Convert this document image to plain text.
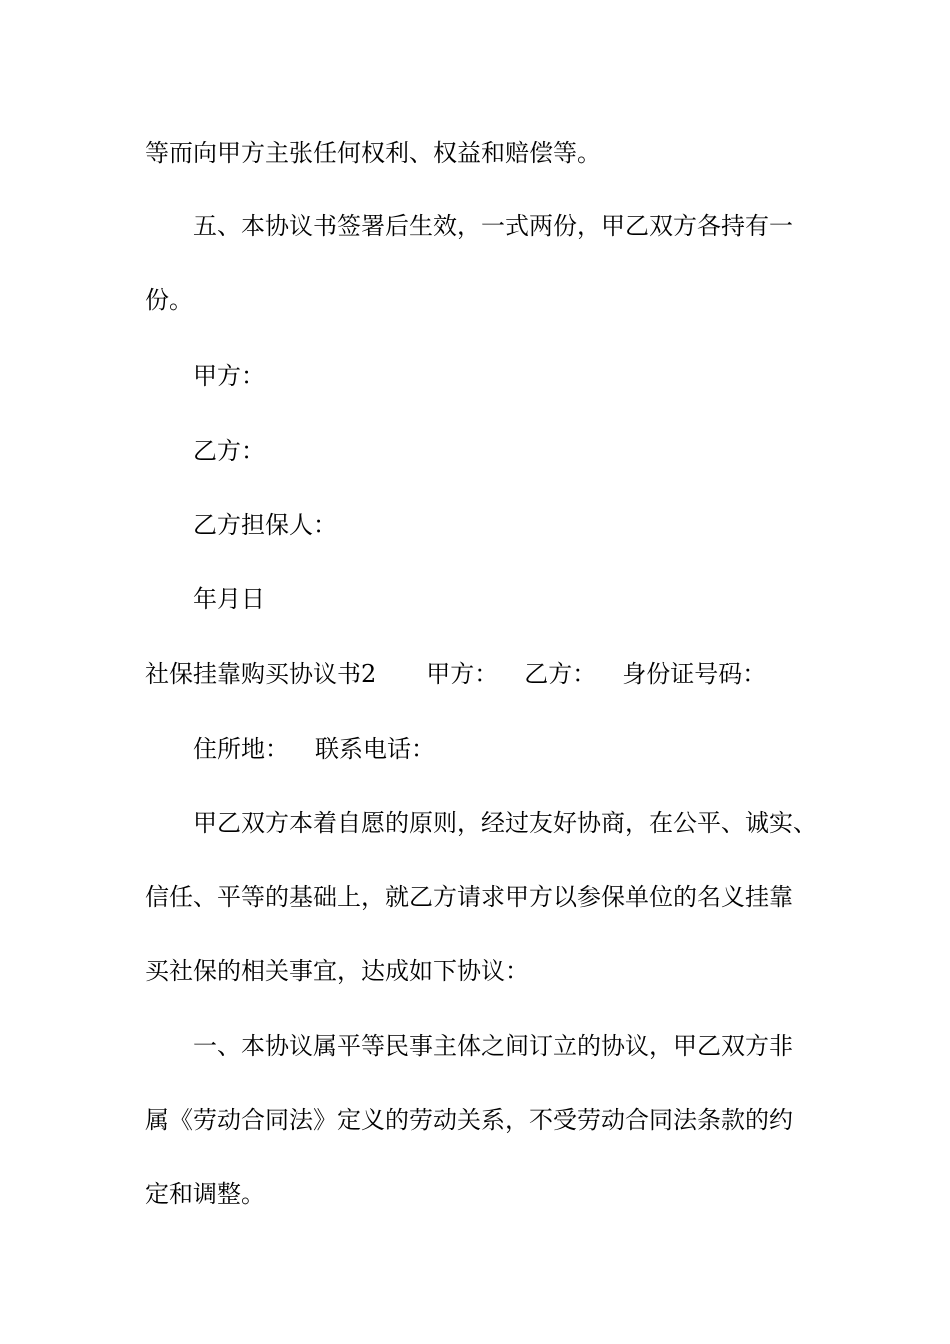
等而向甲方主张任何权利、权益和赔偿等。
五、本协议书签署后生效，一式两份，甲乙双方各持有一
份。
甲方：
乙方：
乙方担保人：
年月日
社保挂靠购买协议书2 甲方： 乙方： 身份证号码：
住所地： 联系电话：
甲乙双方本着自愿的原则，经过友好协商，在公平、诚实、
信任、平等的基础上，就乙方请求甲方以参保单位的名义挂靠
买社保的相关事宜，达成如下协议：
一、本协议属平等民事主体之间订立的协议，甲乙双方非
属《劳动合同法》定义的劳动关系，不受劳动合同法条款的约
定和调整。
